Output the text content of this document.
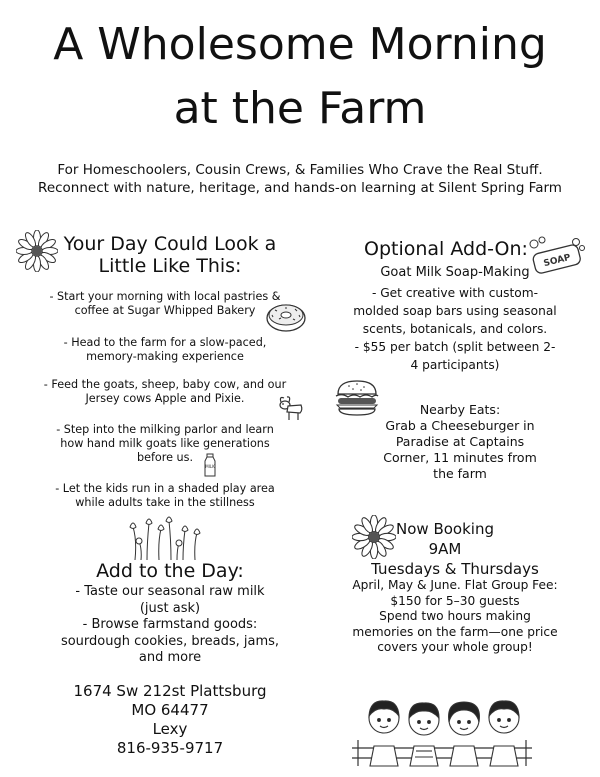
A Wholesome Morning
at the Farm
For Homeschoolers, Cousin Crews, & Families Who Crave the Real Stuff.
Reconnect with nature, heritage, and hands-on learning at Silent Spring Farm
Your Day Could Look a
Little Like This:
- Start your morning with local pastries &
coffee at Sugar Whipped Bakery
- Head to the farm for a slow-paced,
memory-making experience
- Feed the goats, sheep, baby cow, and our
Jersey cows Apple and Pixie.
- Step into the milking parlor and learn
how hand milk goats like generations
before us.
- Let the kids run in a shaded play area
while adults take in the stillness
MILK
Add to the Day:
- Taste our seasonal raw milk
(just ask)
- Browse farmstand goods:
sourdough cookies, breads, jams,
and more
1674 Sw 212st Plattsburg
MO 64477
Lexy
816-935-9717
Optional Add-On:
SOAP
Goat Milk Soap-Making
- Get creative with custom-
molded soap bars using seasonal
scents, botanicals, and colors.
- $55 per batch (split between 2-
4 participants)
Nearby Eats:
Grab a Cheeseburger in
Paradise at Captains
Corner, 11 minutes from
the farm
Now Booking
9AM
Tuesdays & Thursdays
April, May & June. Flat Group Fee:
$150 for 5–30 guests
Spend two hours making
memories on the farm—one price
covers your whole group!
